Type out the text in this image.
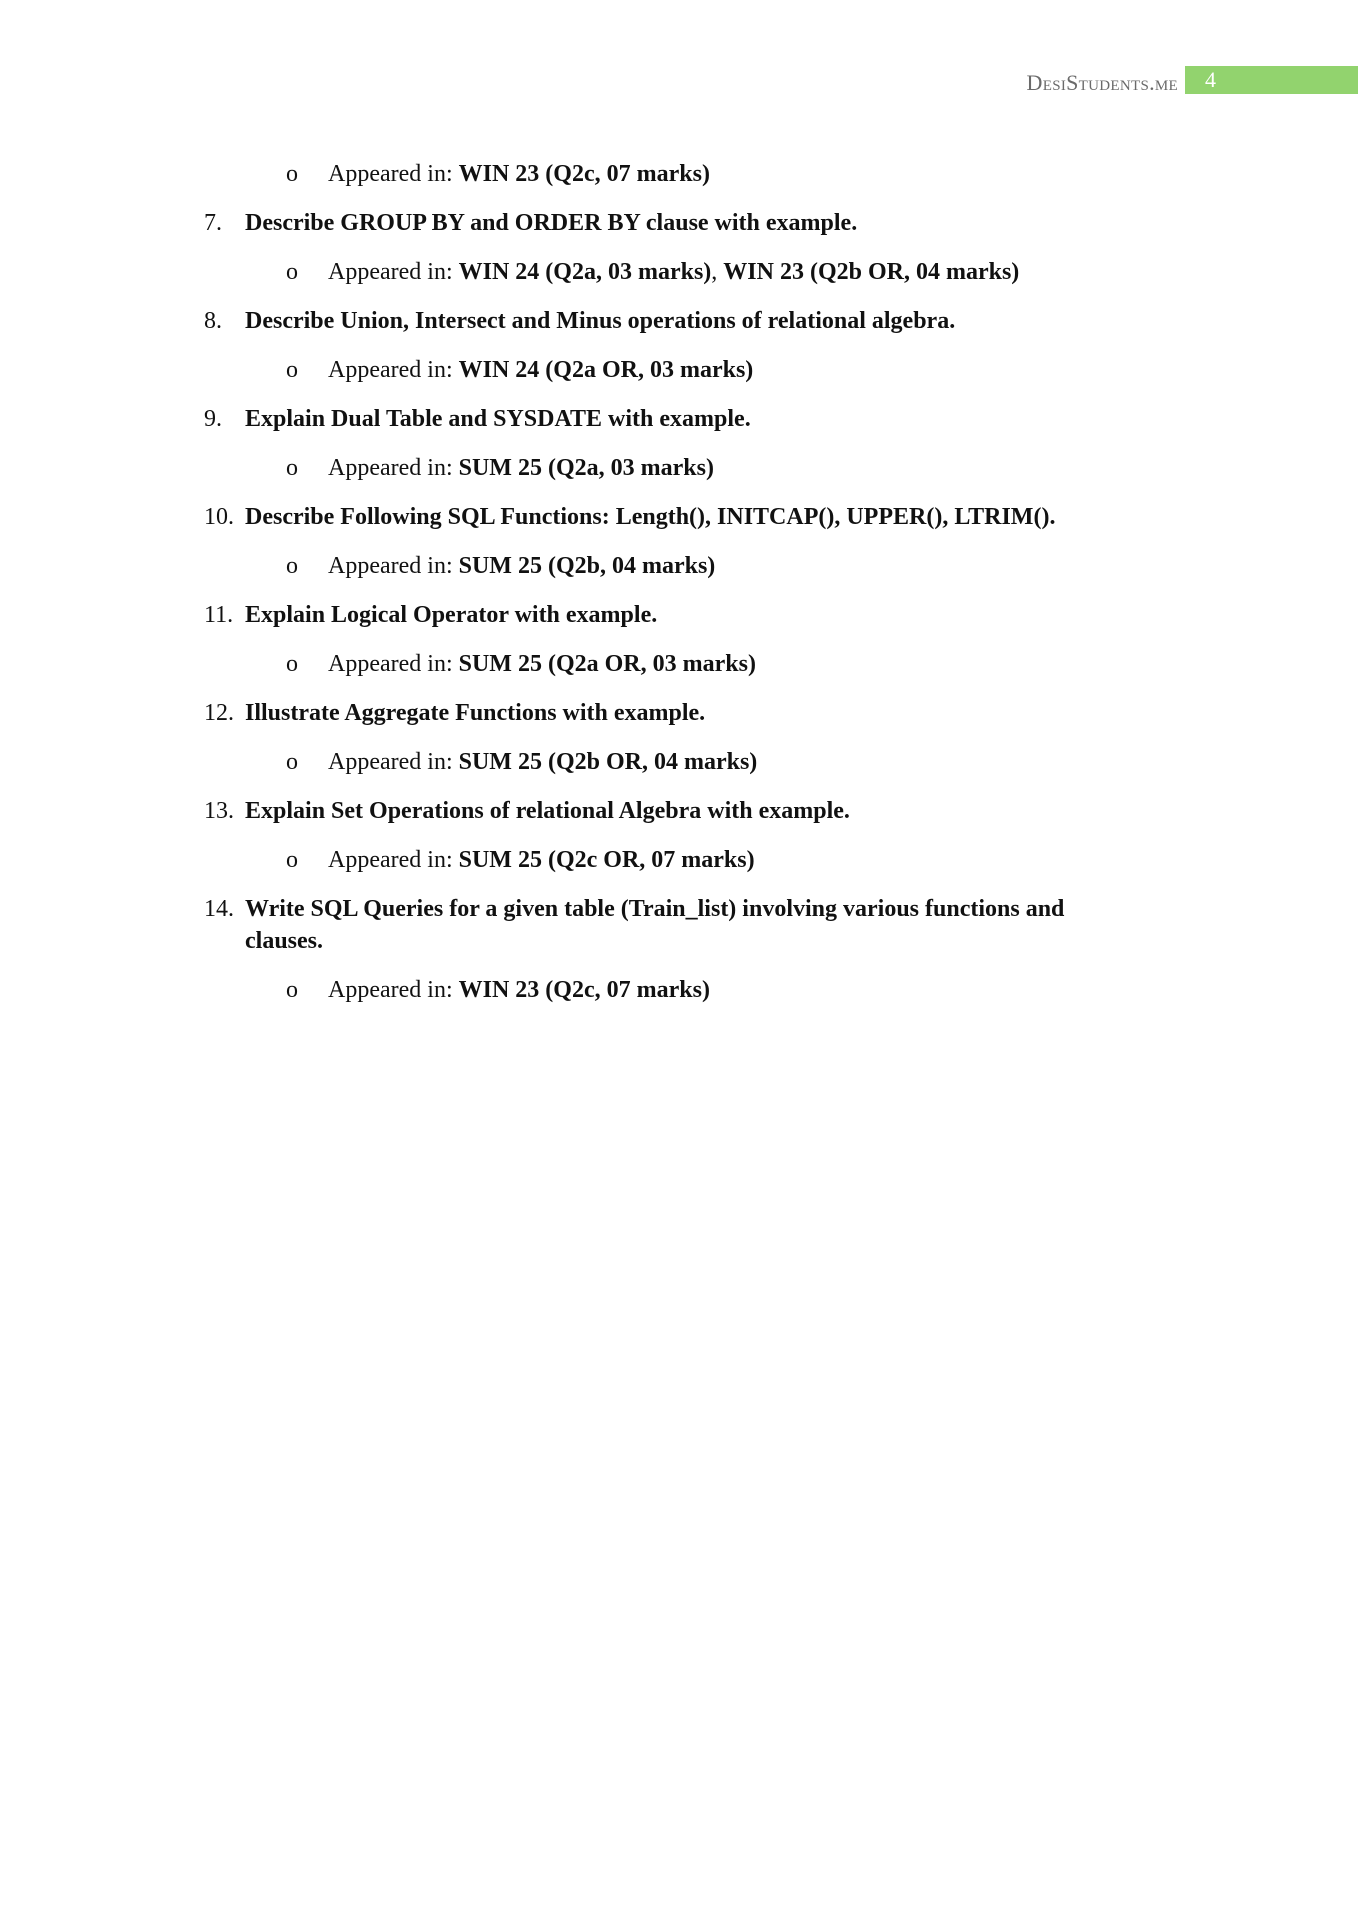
DesiStudents.me	4
o Appeared in: WIN 23 (Q2c, 07 marks)
7. Describe GROUP BY and ORDER BY clause with example.
o Appeared in: WIN 24 (Q2a, 03 marks), WIN 23 (Q2b OR, 04 marks)
8. Describe Union, Intersect and Minus operations of relational algebra.
o Appeared in: WIN 24 (Q2a OR, 03 marks)
9. Explain Dual Table and SYSDATE with example.
o Appeared in: SUM 25 (Q2a, 03 marks)
10. Describe Following SQL Functions: Length(), INITCAP(), UPPER(), LTRIM().
o Appeared in: SUM 25 (Q2b, 04 marks)
11. Explain Logical Operator with example.
o Appeared in: SUM 25 (Q2a OR, 03 marks)
12. Illustrate Aggregate Functions with example.
o Appeared in: SUM 25 (Q2b OR, 04 marks)
13. Explain Set Operations of relational Algebra with example.
o Appeared in: SUM 25 (Q2c OR, 07 marks)
14. Write SQL Queries for a given table (Train_list) involving various functions and clauses.
o Appeared in: WIN 23 (Q2c, 07 marks)
